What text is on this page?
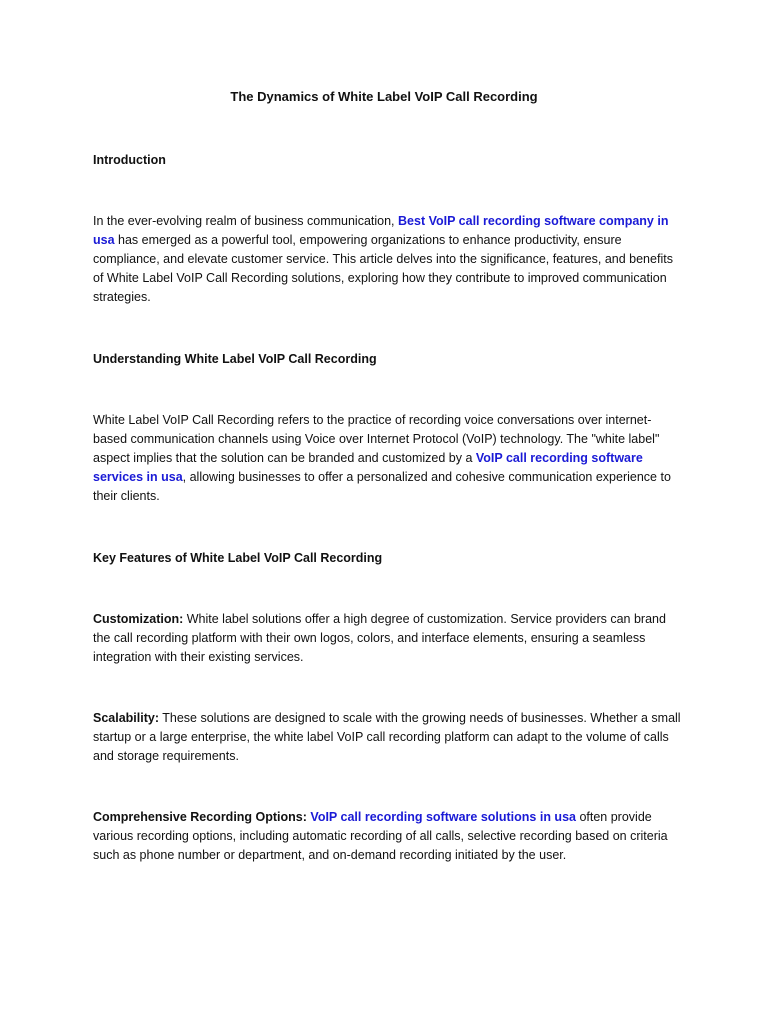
The Dynamics of White Label VoIP Call Recording
Introduction

In the ever-evolving realm of business communication, Best VoIP call recording software company in usa has emerged as a powerful tool, empowering organizations to enhance productivity, ensure compliance, and elevate customer service. This article delves into the significance, features, and benefits of White Label VoIP Call Recording solutions, exploring how they contribute to improved communication strategies.

Understanding White Label VoIP Call Recording

White Label VoIP Call Recording refers to the practice of recording voice conversations over internet-based communication channels using Voice over Internet Protocol (VoIP) technology. The "white label" aspect implies that the solution can be branded and customized by a VoIP call recording software services in usa, allowing businesses to offer a personalized and cohesive communication experience to their clients.

Key Features of White Label VoIP Call Recording

Customization: White label solutions offer a high degree of customization. Service providers can brand the call recording platform with their own logos, colors, and interface elements, ensuring a seamless integration with their existing services.

Scalability: These solutions are designed to scale with the growing needs of businesses. Whether a small startup or a large enterprise, the white label VoIP call recording platform can adapt to the volume of calls and storage requirements.

Comprehensive Recording Options: VoIP call recording software solutions in usa often provide various recording options, including automatic recording of all calls, selective recording based on criteria such as phone number or department, and on-demand recording initiated by the user.
